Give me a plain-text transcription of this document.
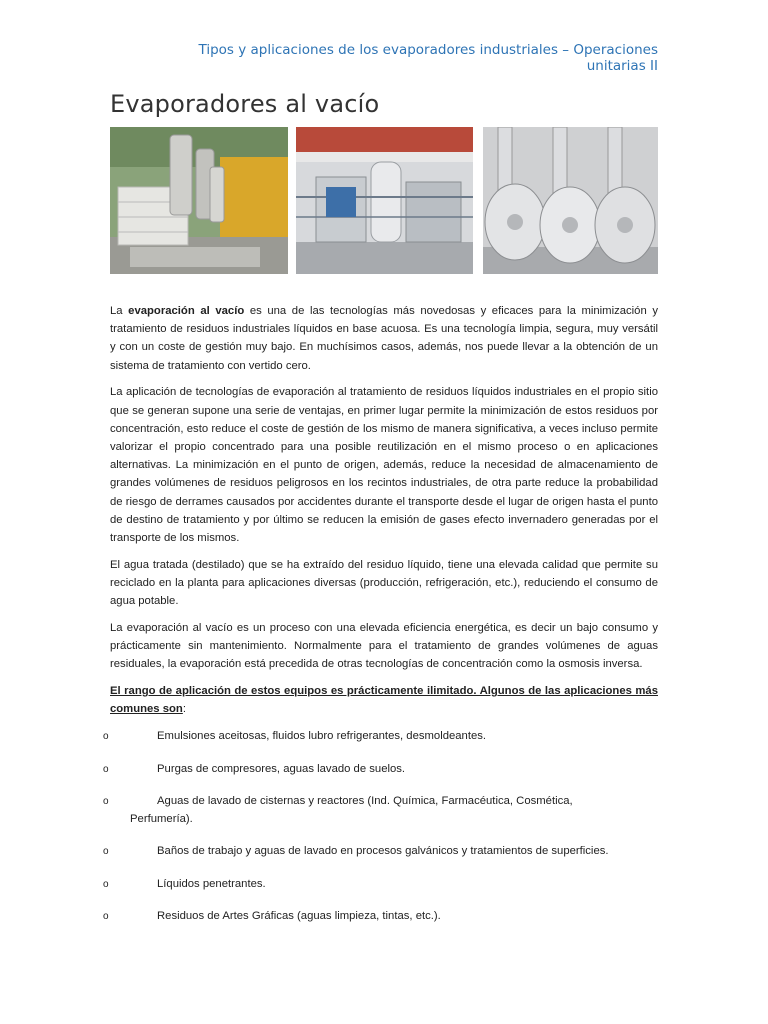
Tipos y aplicaciones de los evaporadores industriales – Operaciones
unitarias II
Evaporadores al vacío

La evaporación al vacío es una de las tecnologías más novedosas y eficaces para la minimización y tratamiento de residuos industriales líquidos en base acuosa. Es una tecnología limpia, segura, muy versátil y con un coste de gestión muy bajo. En muchísimos casos, además, nos puede llevar a la obtención de un sistema de tratamiento con vertido cero.

La aplicación de tecnologías de evaporación al tratamiento de residuos líquidos industriales en el propio sitio que se generan supone una serie de ventajas, en primer lugar permite la minimización de estos residuos por concentración, esto reduce el coste de gestión de los mismo de manera significativa, a veces incluso permite valorizar el propio concentrado para una posible reutilización en el mismo proceso o en aplicaciones alternativas. La minimización en el punto de origen, además, reduce la necesidad de almacenamiento de grandes volúmenes de residuos peligrosos en los recintos industriales, de otra parte reduce la probabilidad de riesgo de derrames causados por accidentes durante el transporte desde el lugar de origen hasta el punto de destino de tratamiento y por último se reducen la emisión de gases efecto invernadero generadas por el transporte de los mismos.

El agua tratada (destilado) que se ha extraído del residuo líquido, tiene una elevada calidad que permite su reciclado en la planta para aplicaciones diversas (producción, refrigeración, etc.), reduciendo el consumo de agua potable.

La evaporación al vacío es un proceso con una elevada eficiencia energética, es decir un bajo consumo y prácticamente sin mantenimiento. Normalmente para el tratamiento de grandes volúmenes de aguas residuales, la evaporación está precedida de otras tecnologías de concentración como la osmosis inversa.

El rango de aplicación de estos equipos es prácticamente ilimitado. Algunos de las aplicaciones más comunes son:

o	Emulsiones aceitosas, fluidos lubro refrigerantes, desmoldeantes.
o	Purgas de compresores, aguas lavado de suelos.
o	Aguas de lavado de cisternas y reactores (Ind. Química, Farmacéutica, Cosmética,
Perfumería).
o	Baños de trabajo y aguas de lavado en procesos galvánicos y tratamientos de superficies.
o	Líquidos penetrantes.
o	Residuos de Artes Gráficas (aguas limpieza, tintas, etc.).
